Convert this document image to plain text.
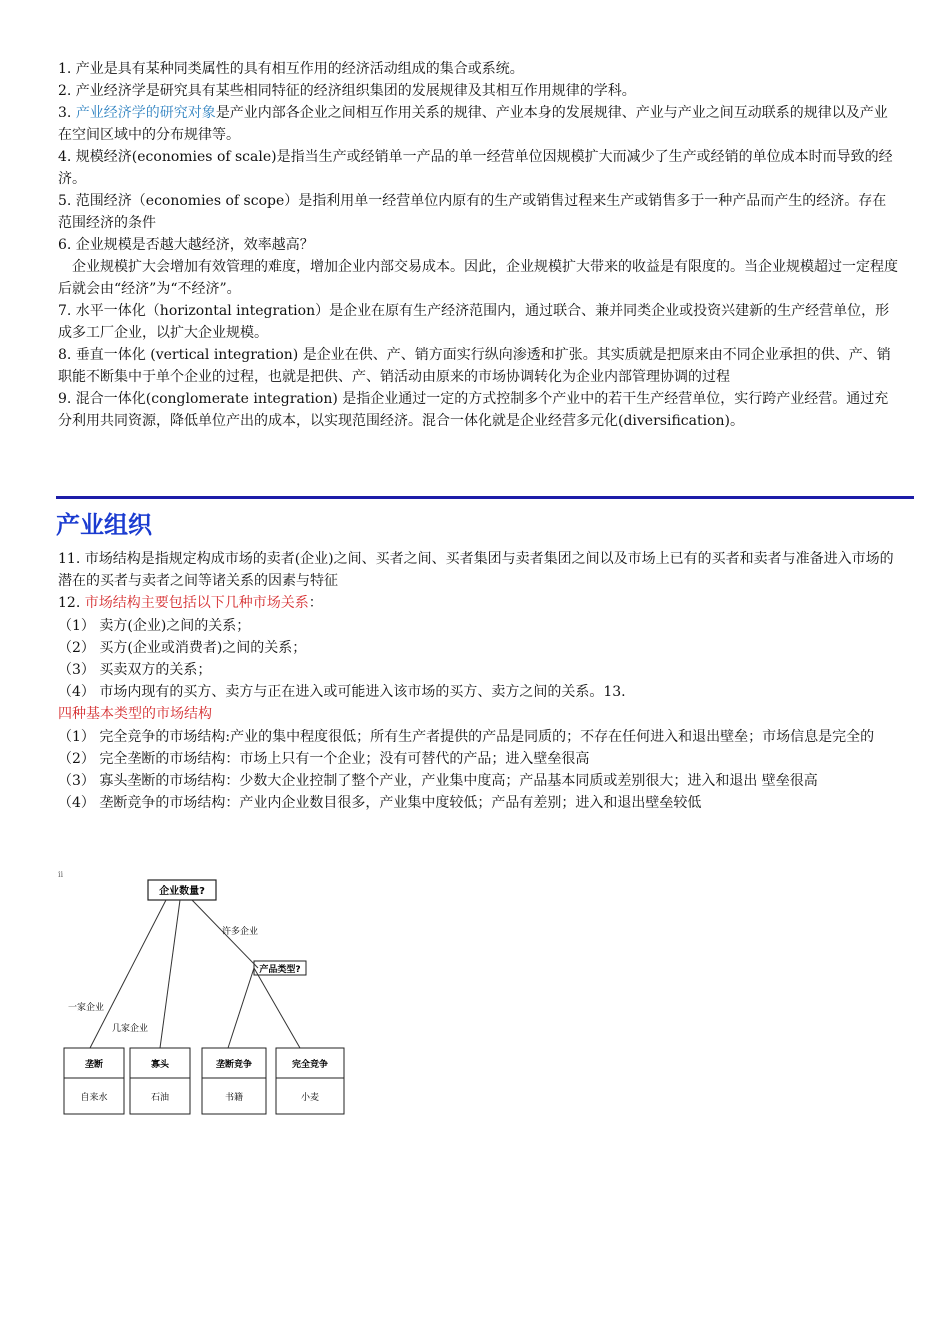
1. 产业是具有某种同类属性的具有相互作用的经济活动组成的集合或系统。

2. 产业经济学是研究具有某些相同特征的经济组织集团的发展规律及其相互作用规律的学科。

3. 产业经济学的研究对象是产业内部各企业之间相互作用关系的规律、产业本身的发展规律、产业与产业之间互动联系的规律以及产业在空间区域中的分布规律等。

4. 规模经济(economies of scale)是指当生产或经销单一产品的单一经营单位因规模扩大而减少了生产或经销的单位成本时而导致的经济。

5. 范围经济（economies of scope）是指利用单一经营单位内原有的生产或销售过程来生产或销售多于一种产品而产生的经济。存在范围经济的条件

6. 企业规模是否越大越经济，效率越高？

企业规模扩大会增加有效管理的难度，增加企业内部交易成本。因此，企业规模扩大带来的收益是有限度的。当企业规模超过一定程度后就会由“经济”为“不经济”。

7. 水平一体化（horizontal integration）是企业在原有生产经济范围内，通过联合、兼并同类企业或投资兴建新的生产经营单位，形成多工厂企业，以扩大企业规模。

8. 垂直一体化 (vertical integration) 是企业在供、产、销方面实行纵向渗透和扩张。其实质就是把原来由不同企业承担的供、产、销职能不断集中于单个企业的过程，也就是把供、产、销活动由原来的市场协调转化为企业内部管理协调的过程

9. 混合一体化(conglomerate integration) 是指企业通过一定的方式控制多个产业中的若干生产经营单位，实行跨产业经营。通过充分利用共同资源，降低单位产出的成本，以实现范围经济。混合一体化就是企业经营多元化(diversification)。

产业组织

11. 市场结构是指规定构成市场的卖者(企业)之间、买者之间、买者集团与卖者集团之间以及市场上已有的买者和卖者与准备进入市场的潜在的买者与卖者之间等诸关系的因素与特征

12. 市场结构主要包括以下几种市场关系：

（1） 卖方(企业)之间的关系；

（2） 买方(企业或消费者)之间的关系；

（3） 买卖双方的关系；

（4） 市场内现有的买方、卖方与正在进入或可能进入该市场的买方、卖方之间的关系。13.

四种基本类型的市场结构

（1） 完全竞争的市场结构:产业的集中程度很低；所有生产者提供的产品是同质的；不存在任何进入和退出壁垒；市场信息是完全的

（2） 完全垄断的市场结构：市场上只有一个企业；没有可替代的产品；进入壁垒很高

（3） 寡头垄断的市场结构：少数大企业控制了整个产业，产业集中度高；产品基本同质或差别很大；进入和退出 壁垒很高

（4） 垄断竞争的市场结构：产业内企业数目很多，产业集中度较低；产品有差别；进入和退出壁垒较低

ⅱ
企业数量?
产品类型?
许多企业
一家企业
几家企业
垄断
自来水
寡头
石油
垄断竞争
书籍
完全竞争
小麦
